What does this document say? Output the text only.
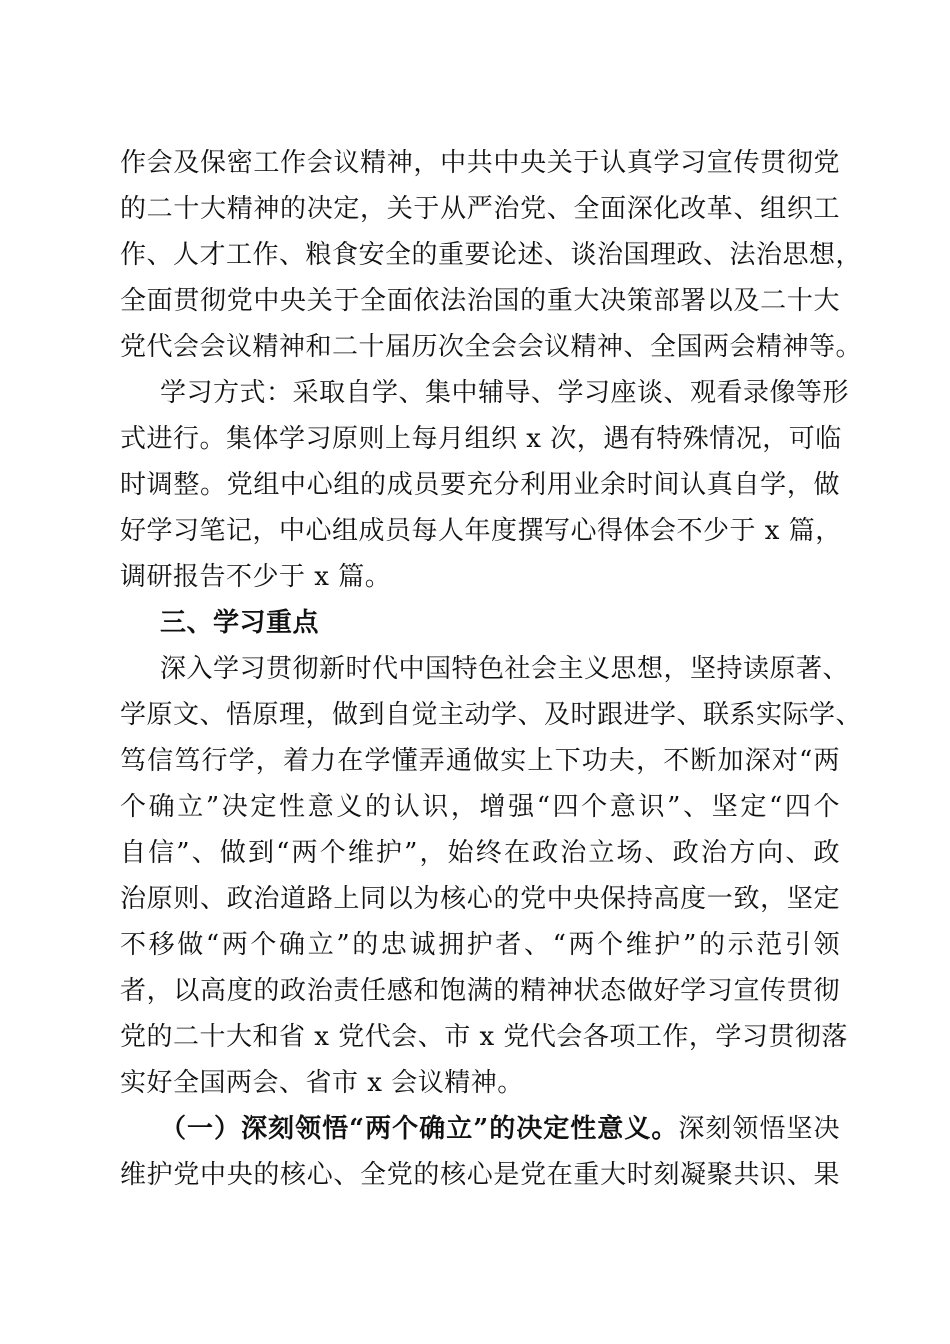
作会及保密工作会议精神，中共中央关于认真学习宣传贯彻党
的二十大精神的决定，关于从严治党、全面深化改革、组织工
作、人才工作、粮食安全的重要论述、谈治国理政、法治思想，
全面贯彻党中央关于全面依法治国的重大决策部署以及二十大
党代会会议精神和二十届历次全会会议精神、全国两会精神等。
学习方式：采取自学、集中辅导、学习座谈、观看录像等形
式进行。集体学习原则上每月组织 x 次，遇有特殊情况，可临
时调整。党组中心组的成员要充分利用业余时间认真自学，做
好学习笔记，中心组成员每人年度撰写心得体会不少于 x 篇，
调研报告不少于 x 篇。
三、学习重点
深入学习贯彻新时代中国特色社会主义思想，坚持读原著、
学原文、悟原理，做到自觉主动学、及时跟进学、联系实际学、
笃信笃行学，着力在学懂弄通做实上下功夫，不断加深对“两
个确立”决定性意义的认识，增强“四个意识”、坚定“四个
自信”、做到“两个维护”，始终在政治立场、政治方向、政
治原则、政治道路上同以为核心的党中央保持高度一致，坚定
不移做“两个确立”的忠诚拥护者、“两个维护”的示范引领
者，以高度的政治责任感和饱满的精神状态做好学习宣传贯彻
党的二十大和省 x 党代会、市 x 党代会各项工作，学习贯彻落
实好全国两会、省市 x 会议精神。
（一）深刻领悟“两个确立”的决定性意义。深刻领悟坚决
维护党中央的核心、全党的核心是党在重大时刻凝聚共识、果
